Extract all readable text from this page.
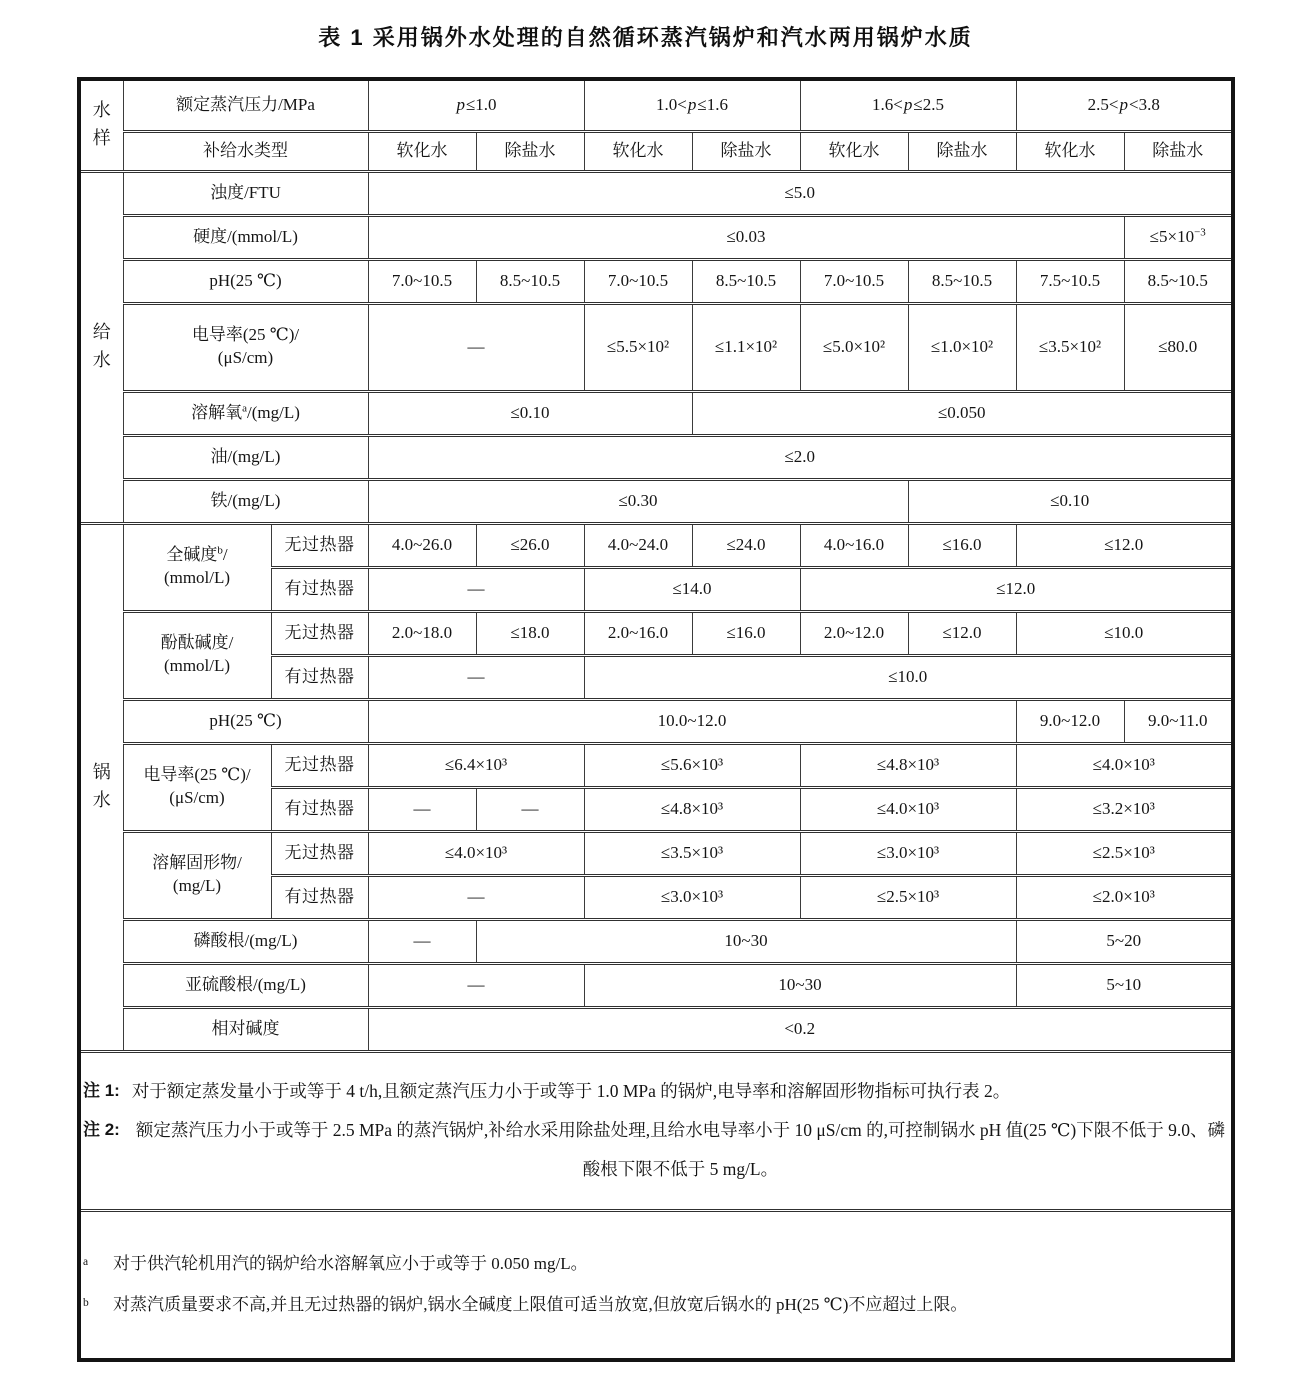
表 1 采用锅外水处理的自然循环蒸汽锅炉和汽水两用锅炉水质
水样	额定蒸汽压力/MPa		p≤1.0		1.0<p≤1.6		1.6<p≤2.5		2.5<p<3.8	
	补给水类型		软化水	除盐水	软化水	除盐水	软化水	除盐水	软化水	除盐水
给水	浊度/FTU		≤5.0							
	硬度/(mmol/L)		≤0.03							$\le 5\times 10^{-3}$
	pH(25 ℃)		7.0~10.5	8.5~10.5	7.0~10.5	8.5~10.5	7.0~10.5	8.5~10.5	7.5~10.5	8.5~10.5
	电导率(25 ℃)/
(μS/cm)		—		≤5.5×10²	≤1.1×10²	≤5.0×10²	≤1.0×10²	≤3.5×10²	≤80.0
	溶解氧$^a$/(mg/L)		≤0.10			≤0.050				
	油/(mg/L)		≤2.0							
	铁/(mg/L)		≤0.30					≤0.10		
锅水	全碱度$^b$/
(mmol/L)	无过热器	4.0~26.0	≤26.0	4.0~24.0	≤24.0	4.0~16.0	≤16.0	≤12.0	
		有过热器	—		≤14.0		≤12.0			
	酚酞碱度/
(mmol/L)	无过热器	2.0~18.0	≤18.0	2.0~16.0	≤16.0	2.0~12.0	≤12.0	≤10.0	
		有过热器	—		≤10.0					
	pH(25 ℃)		10.0~12.0						9.0~12.0	9.0~11.0
	电导率(25 ℃)/
(μS/cm)	无过热器	≤6.4×10³		≤5.6×10³		≤4.8×10³		≤4.0×10³	
		有过热器	—	—	≤4.8×10³		≤4.0×10³		≤3.2×10³	
	溶解固形物/
(mg/L)	无过热器	≤4.0×10³		≤3.5×10³		≤3.0×10³		≤2.5×10³	
		有过热器	—		≤3.0×10³		≤2.5×10³		≤2.0×10³	
	磷酸根/(mg/L)		—	10~30					5~20	
	亚硫酸根/(mg/L)		—		10~30				5~10	
	相对碱度		<0.2							

注 1: 对于额定蒸发量小于或等于 4 t/h,且额定蒸汽压力小于或等于 1.0 MPa 的锅炉,电导率和溶解固形物指标可执行表 2。
注 2: 额定蒸汽压力小于或等于 2.5 MPa 的蒸汽锅炉,补给水采用除盐处理,且给水电导率小于 10 μS/cm 的,可控制锅水 pH 值(25 ℃)下限不低于 9.0、磷酸根下限不低于 5 mg/L。										

a 对于供汽轮机用汽的锅炉给水溶解氧应小于或等于 0.050 mg/L。
b 对蒸汽质量要求不高,并且无过热器的锅炉,锅水全碱度上限值可适当放宽,但放宽后锅水的 pH(25 ℃)不应超过上限。										
